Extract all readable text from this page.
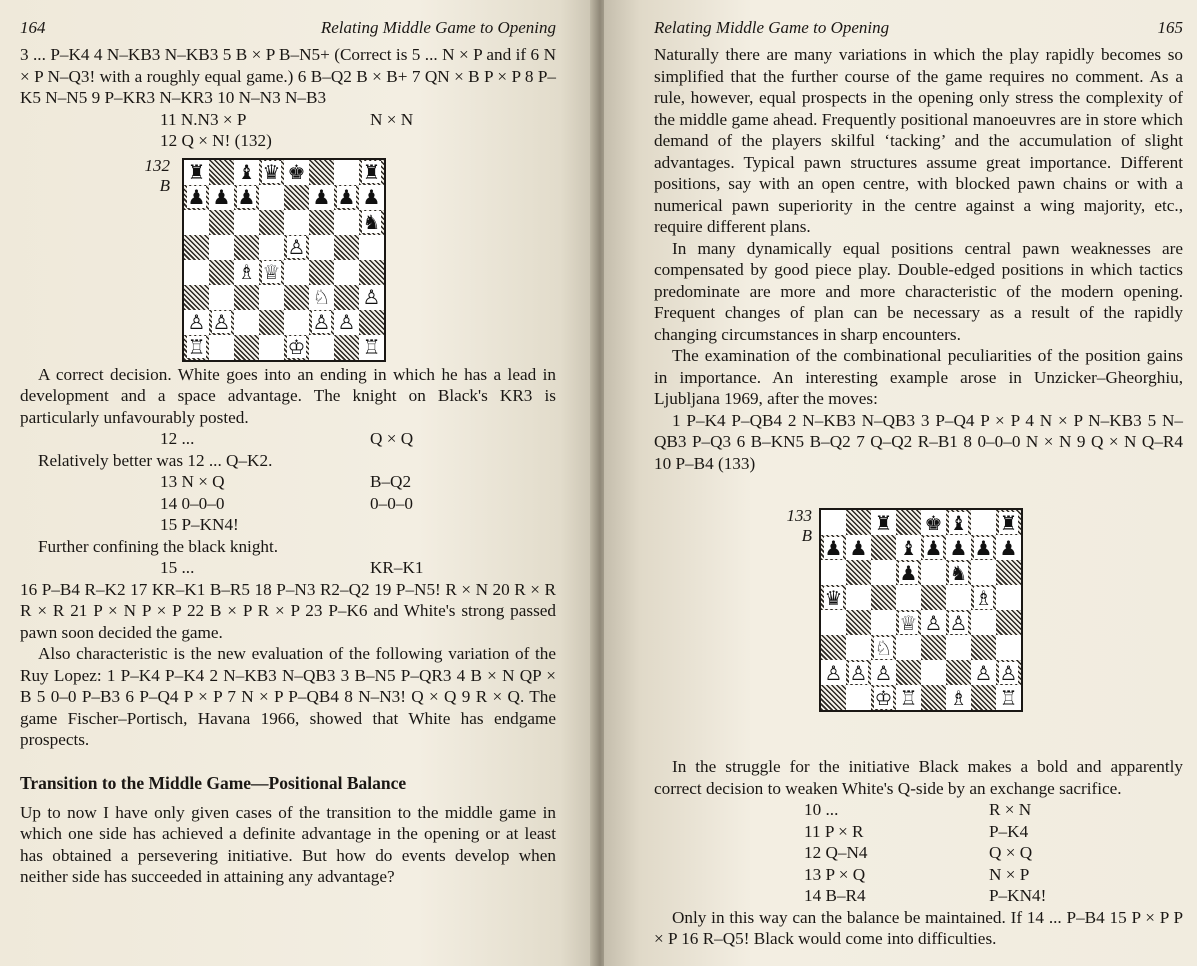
164	Relating Middle Game to Opening

3 ... P–K4 4 N–KB3 N–KB3 5 B × P B–N5+ (Correct is 5 ... N × P and if 6 N × P N–Q3! with a roughly equal game.) 6 B–Q2 B × B+ 7 QN × B P × P 8 P–K5 N–N5 9 P–KR3 N–KR3 10 N–N3 N–B3

11 N.N3 × P	N × N
12 Q × N! (132)
132
B
♜ ♝ ♛ ♚	♜
♟ ♟ ♟	♟ ♟ ♟
♞
♙
♗ ♕
♘ ♙
♙ ♙	♙ ♙
♖	♔	♖

A correct decision. White goes into an ending in which he has a lead in development and a space advantage. The knight on Black's KR3 is particularly unfavourably posted.

12 ...	Q × Q

Relatively better was 12 ... Q–K2.

13 N × Q	B–Q2
14 0–0–0	0–0–0
15 P–KN4!

Further confining the black knight.

15 ...	KR–K1

16 P–B4 R–K2 17 KR–K1 B–R5 18 P–N3 R2–Q2 19 P–N5! R × N 20 R × R R × R 21 P × N P × P 22 B × P R × P 23 P–K6 and White's strong passed pawn soon decided the game.

Also characteristic is the new evaluation of the following variation of the Ruy Lopez: 1 P–K4 P–K4 2 N–KB3 N–QB3 3 B–N5 P–QR3 4 B × N QP × B 5 0–0 P–B3 6 P–Q4 P × P 7 N × P P–QB4 8 N–N3! Q × Q 9 R × Q. The game Fischer–Portisch, Havana 1966, showed that White has endgame prospects.

Transition to the Middle Game—Positional Balance

Up to now I have only given cases of the transition to the middle game in which one side has achieved a definite advantage in the opening or at least has obtained a persevering initiative. But how do events develop when neither side has succeeded in attaining any advantage?

Relating Middle Game to Opening	165

Naturally there are many variations in which the play rapidly becomes so simplified that the further course of the game requires no comment. As a rule, however, equal prospects in the opening only stress the complexity of the middle game ahead. Frequently positional manoeuvres are in store which demand of the players skilful ‘tacking’ and the accumulation of slight advantages. Typical pawn structures assume great importance. Different positions, say with an open centre, with blocked pawn chains or with a numerical pawn superiority in the centre against a wing majority, etc., require different plans.

In many dynamically equal positions central pawn weaknesses are compensated by good piece play. Double-edged positions in which tactics predominate are more and more characteristic of the modern opening. Frequent changes of plan can be necessary as a result of the rapidly changing circumstances in sharp encounters.

The examination of the combinational peculiarities of the position gains in importance. An interesting example arose in Unzicker–Gheorghiu, Ljubljana 1969, after the moves:

1 P–K4 P–QB4 2 N–KB3 N–QB3 3 P–Q4 P × P 4 N × P N–KB3 5 N–QB3 P–Q3 6 B–KN5 B–Q2 7 Q–Q2 R–B1 8 0–0–0 N × N 9 Q × N Q–R4 10 P–B4 (133)

133
B
♜ ♚ ♝ ♜
♟ ♟ ♝ ♟ ♟ ♟ ♟
♟ ♞
♛	♗
♕ ♙ ♙
♘
♙ ♙ ♙	♙ ♙
♔ ♖ ♗ ♖

In the struggle for the initiative Black makes a bold and apparently correct decision to weaken White's Q-side by an exchange sacrifice.

10 ...	R × N
11 P × R	P–K4
12 Q–N4	Q × Q
13 P × Q	N × P
14 B–R4	P–KN4!

Only in this way can the balance be maintained. If 14 ... P–B4 15 P × P P × P 16 R–Q5! Black would come into difficulties.
